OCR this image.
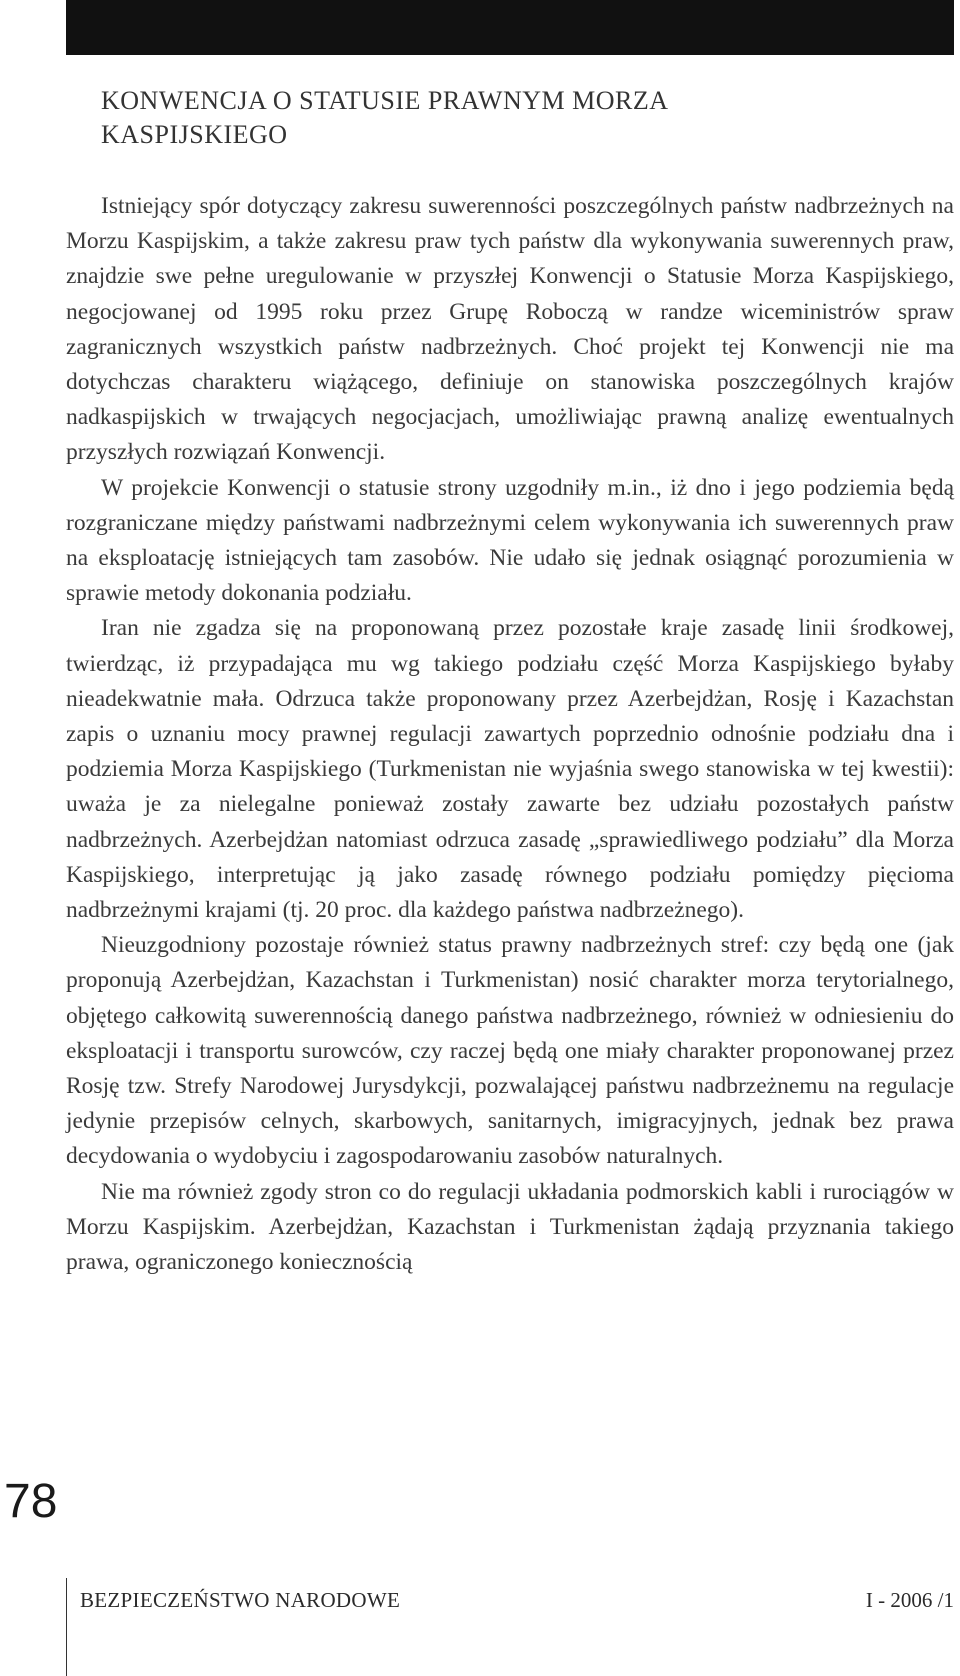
KONWENCJA O STATUSIE PRAWNYM MORZA
KASPIJSKIEGO

Istniejący spór dotyczący zakresu suwerenności poszczególnych państw nadbrzeżnych na Morzu Kaspijskim, a także zakresu praw tych państw dla wykonywania suwerennych praw, znajdzie swe pełne uregulowanie w przyszłej Konwencji o Statusie Morza Kaspijskiego, negocjowanej od 1995 roku przez Grupę Roboczą w randze wiceministrów spraw zagranicznych wszystkich państw nadbrzeżnych. Choć projekt tej Konwencji nie ma dotychczas charakteru wiążącego, definiuje on stanowiska poszczególnych krajów nadkaspijskich w trwających negocjacjach, umożliwiając prawną analizę ewentualnych przyszłych rozwiązań Konwencji.

W projekcie Konwencji o statusie strony uzgodniły m.in., iż dno i jego podziemia będą rozgraniczane między państwami nadbrzeżnymi celem wykonywania ich suwerennych praw na eksploatację istniejących tam zasobów. Nie udało się jednak osiągnąć porozumienia w sprawie metody dokonania podziału.

Iran nie zgadza się na proponowaną przez pozostałe kraje zasadę linii środkowej, twierdząc, iż przypadająca mu wg takiego podziału część Morza Kaspijskiego byłaby nieadekwatnie mała. Odrzuca także proponowany przez Azerbejdżan, Rosję i Kazachstan zapis o uznaniu mocy prawnej regulacji zawartych poprzednio odnośnie podziału dna i podziemia Morza Kaspijskiego (Turkmenistan nie wyjaśnia swego stanowiska w tej kwestii): uważa je za nielegalne ponieważ zostały zawarte bez udziału pozostałych państw nadbrzeżnych. Azerbejdżan natomiast odrzuca zasadę „sprawiedliwego podziału” dla Morza Kaspijskiego, interpretując ją jako zasadę równego podziału pomiędzy pięcioma nadbrzeżnymi krajami (tj. 20 proc. dla każdego państwa nadbrzeżnego).

Nieuzgodniony pozostaje również status prawny nadbrzeżnych stref: czy będą one (jak proponują Azerbejdżan, Kazachstan i Turkmenistan) nosić charakter morza terytorialnego, objętego całkowitą suwerennością danego państwa nadbrzeżnego, również w odniesieniu do eksploatacji i transportu surowców, czy raczej będą one miały charakter proponowanej przez Rosję tzw. Strefy Narodowej Jurysdykcji, pozwalającej państwu nadbrzeżnemu na regulacje jedynie przepisów celnych, skarbowych, sanitarnych, imigracyjnych, jednak bez prawa decydowania o wydobyciu i zagospodarowaniu zasobów naturalnych.

Nie ma również zgody stron co do regulacji układania podmorskich kabli i rurociągów w Morzu Kaspijskim. Azerbejdżan, Kazachstan i Turkmenistan żądają przyznania takiego prawa, ograniczonego koniecznością

78
BEZPIECZEŃSTWO NARODOWE	I - 2006 /1
